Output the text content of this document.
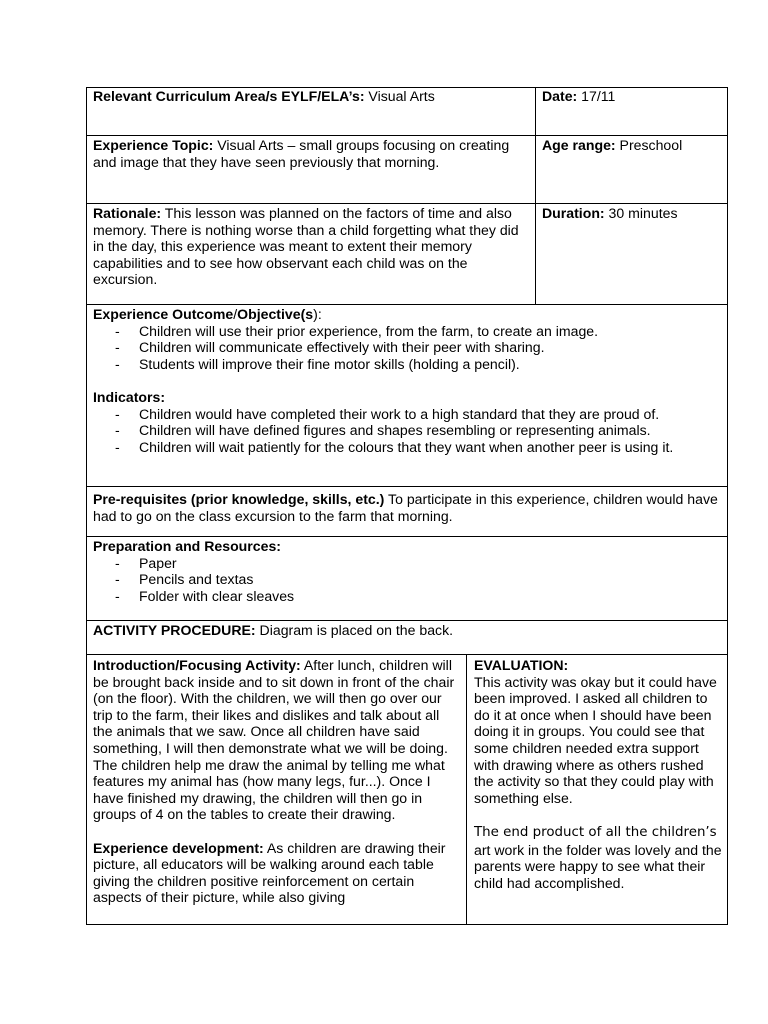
Relevant Curriculum Area/s EYLF/ELA’s: Visual Arts	Date: 17/11

Experience Topic: Visual Arts – small groups focusing on creating and image that they have seen previously that morning.

Age range: Preschool

Rationale: This lesson was planned on the factors of time and also memory. There is nothing worse than a child forgetting what they did in the day, this experience was meant to extent their memory capabilities and to see how observant each child was on the excursion.

Duration: 30 minutes

Experience Outcome/Objective(s):

- Children will use their prior experience, from the farm, to create an image.
- Children will communicate effectively with their peer with sharing.
- Students will improve their fine motor skills (holding a pencil).

Indicators:

- Children would have completed their work to a high standard that they are proud of.
- Children will have defined figures and shapes resembling or representing animals.
- Children will wait patiently for the colours that they want when another peer is using it.

Pre-requisites (prior knowledge, skills, etc.) To participate in this experience, children would have had to go on the class excursion to the farm that morning.

Preparation and Resources:

- Paper
- Pencils and textas
- Folder with clear sleaves

ACTIVITY PROCEDURE: Diagram is placed on the back.

Introduction/Focusing Activity: After lunch, children will be brought back inside and to sit down in front of the chair (on the floor). With the children, we will then go over our trip to the farm, their likes and dislikes and talk about all the animals that we saw. Once all children have said something, I will then demonstrate what we will be doing. The children help me draw the animal by telling me what features my animal has (how many legs, fur...). Once I have finished my drawing, the children will then go in groups of 4 on the tables to create their drawing.

Experience development: As children are drawing their picture, all educators will be walking around each table giving the children positive reinforcement on certain aspects of their picture, while also giving

EVALUATION:

This activity was okay but it could have been improved. I asked all children to do it at once when I should have been doing it in groups. You could see that some children needed extra support with drawing where as others rushed the activity so that they could play with something else.

The end product of all the children’s art work in the folder was lovely and the parents were happy to see what their child had accomplished.
